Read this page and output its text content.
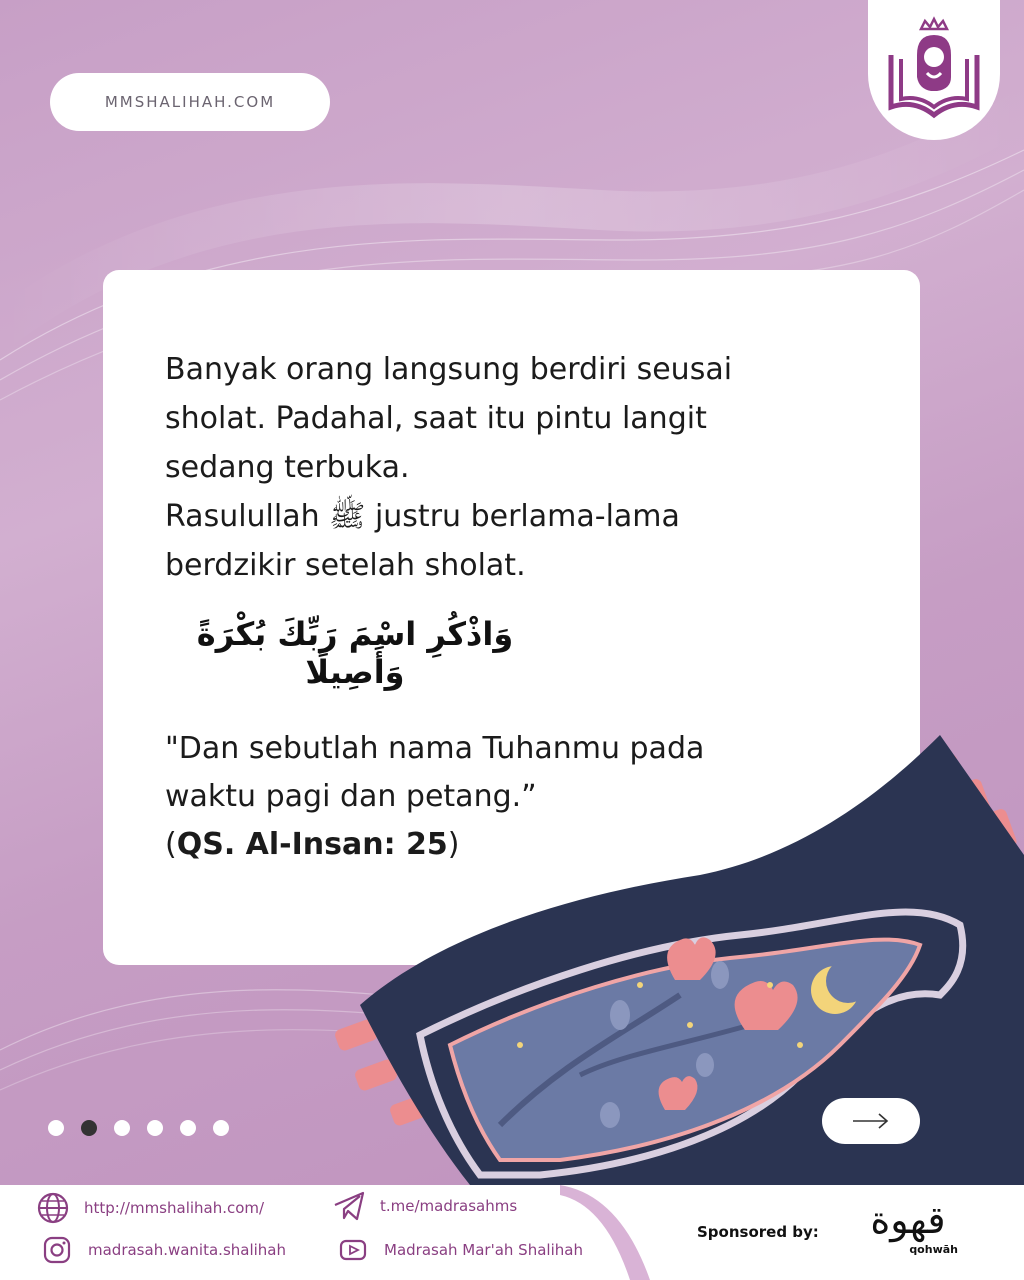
MMSHALIHAH.COM

Banyak orang langsung berdiri seusai

sholat. Padahal, saat itu pintu langit

sedang terbuka.

Rasulullah ﷺ justru berlama-lama

berdzikir setelah sholat.

وَاذْكُرِ اسْمَ رَبِّكَ بُكْرَةً وَأَصِيلًا

"Dan sebutlah nama Tuhanmu pada

waktu pagi dan petang.”

(QS. Al-Insan: 25)

http://mmshalihah.com/	t.me/madrasahms
madrasah.wanita.shalihah	Madrasah Mar'ah Shalihah
Sponsored by:	قهوة
qohwāh
